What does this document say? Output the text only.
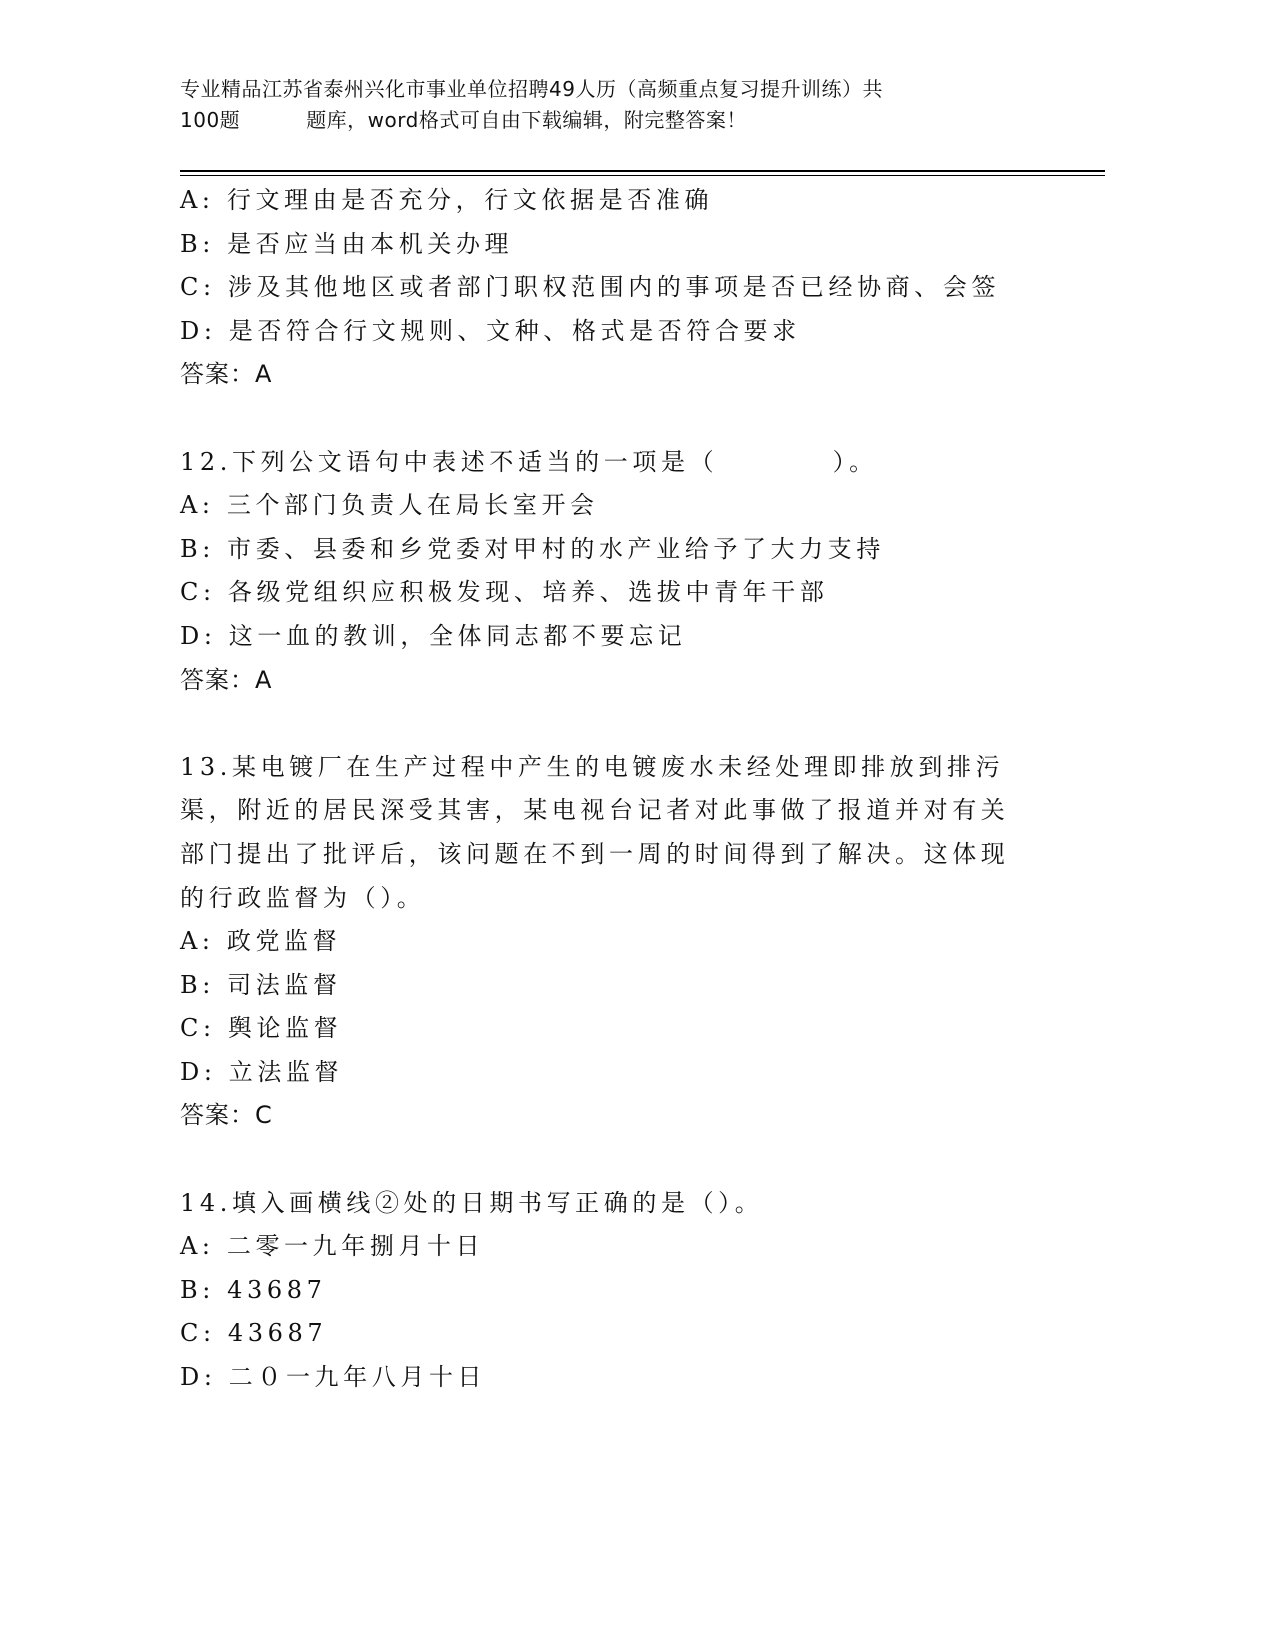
专业精品江苏省泰州兴化市事业单位招聘49人历（高频重点复习提升训练）共
100题	题库，word格式可自由下载编辑，附完整答案！
A: 行文理由是否充分，行文依据是否准确
B: 是否应当由本机关办理
C: 涉及其他地区或者部门职权范围内的事项是否已经协商、会签
D: 是否符合行文规则、文种、格式是否符合要求
答案：A
12.下列公文语句中表述不适当的一项是（　　　　）。
A: 三个部门负责人在局长室开会
B: 市委、县委和乡党委对甲村的水产业给予了大力支持
C: 各级党组织应积极发现、培养、选拔中青年干部
D: 这一血的教训，全体同志都不要忘记
答案：A
13.某电镀厂在生产过程中产生的电镀废水未经处理即排放到排污渠，附近的居民深受其害，某电视台记者对此事做了报道并对有关部门提出了批评后，该问题在不到一周的时间得到了解决。这体现的行政监督为（）。
A: 政党监督
B: 司法监督
C: 舆论监督
D: 立法监督
答案：C
14.填入画横线②处的日期书写正确的是（）。
A: 二零一九年捌月十日
B: 43687
C: 43687
D: 二０一九年八月十日
